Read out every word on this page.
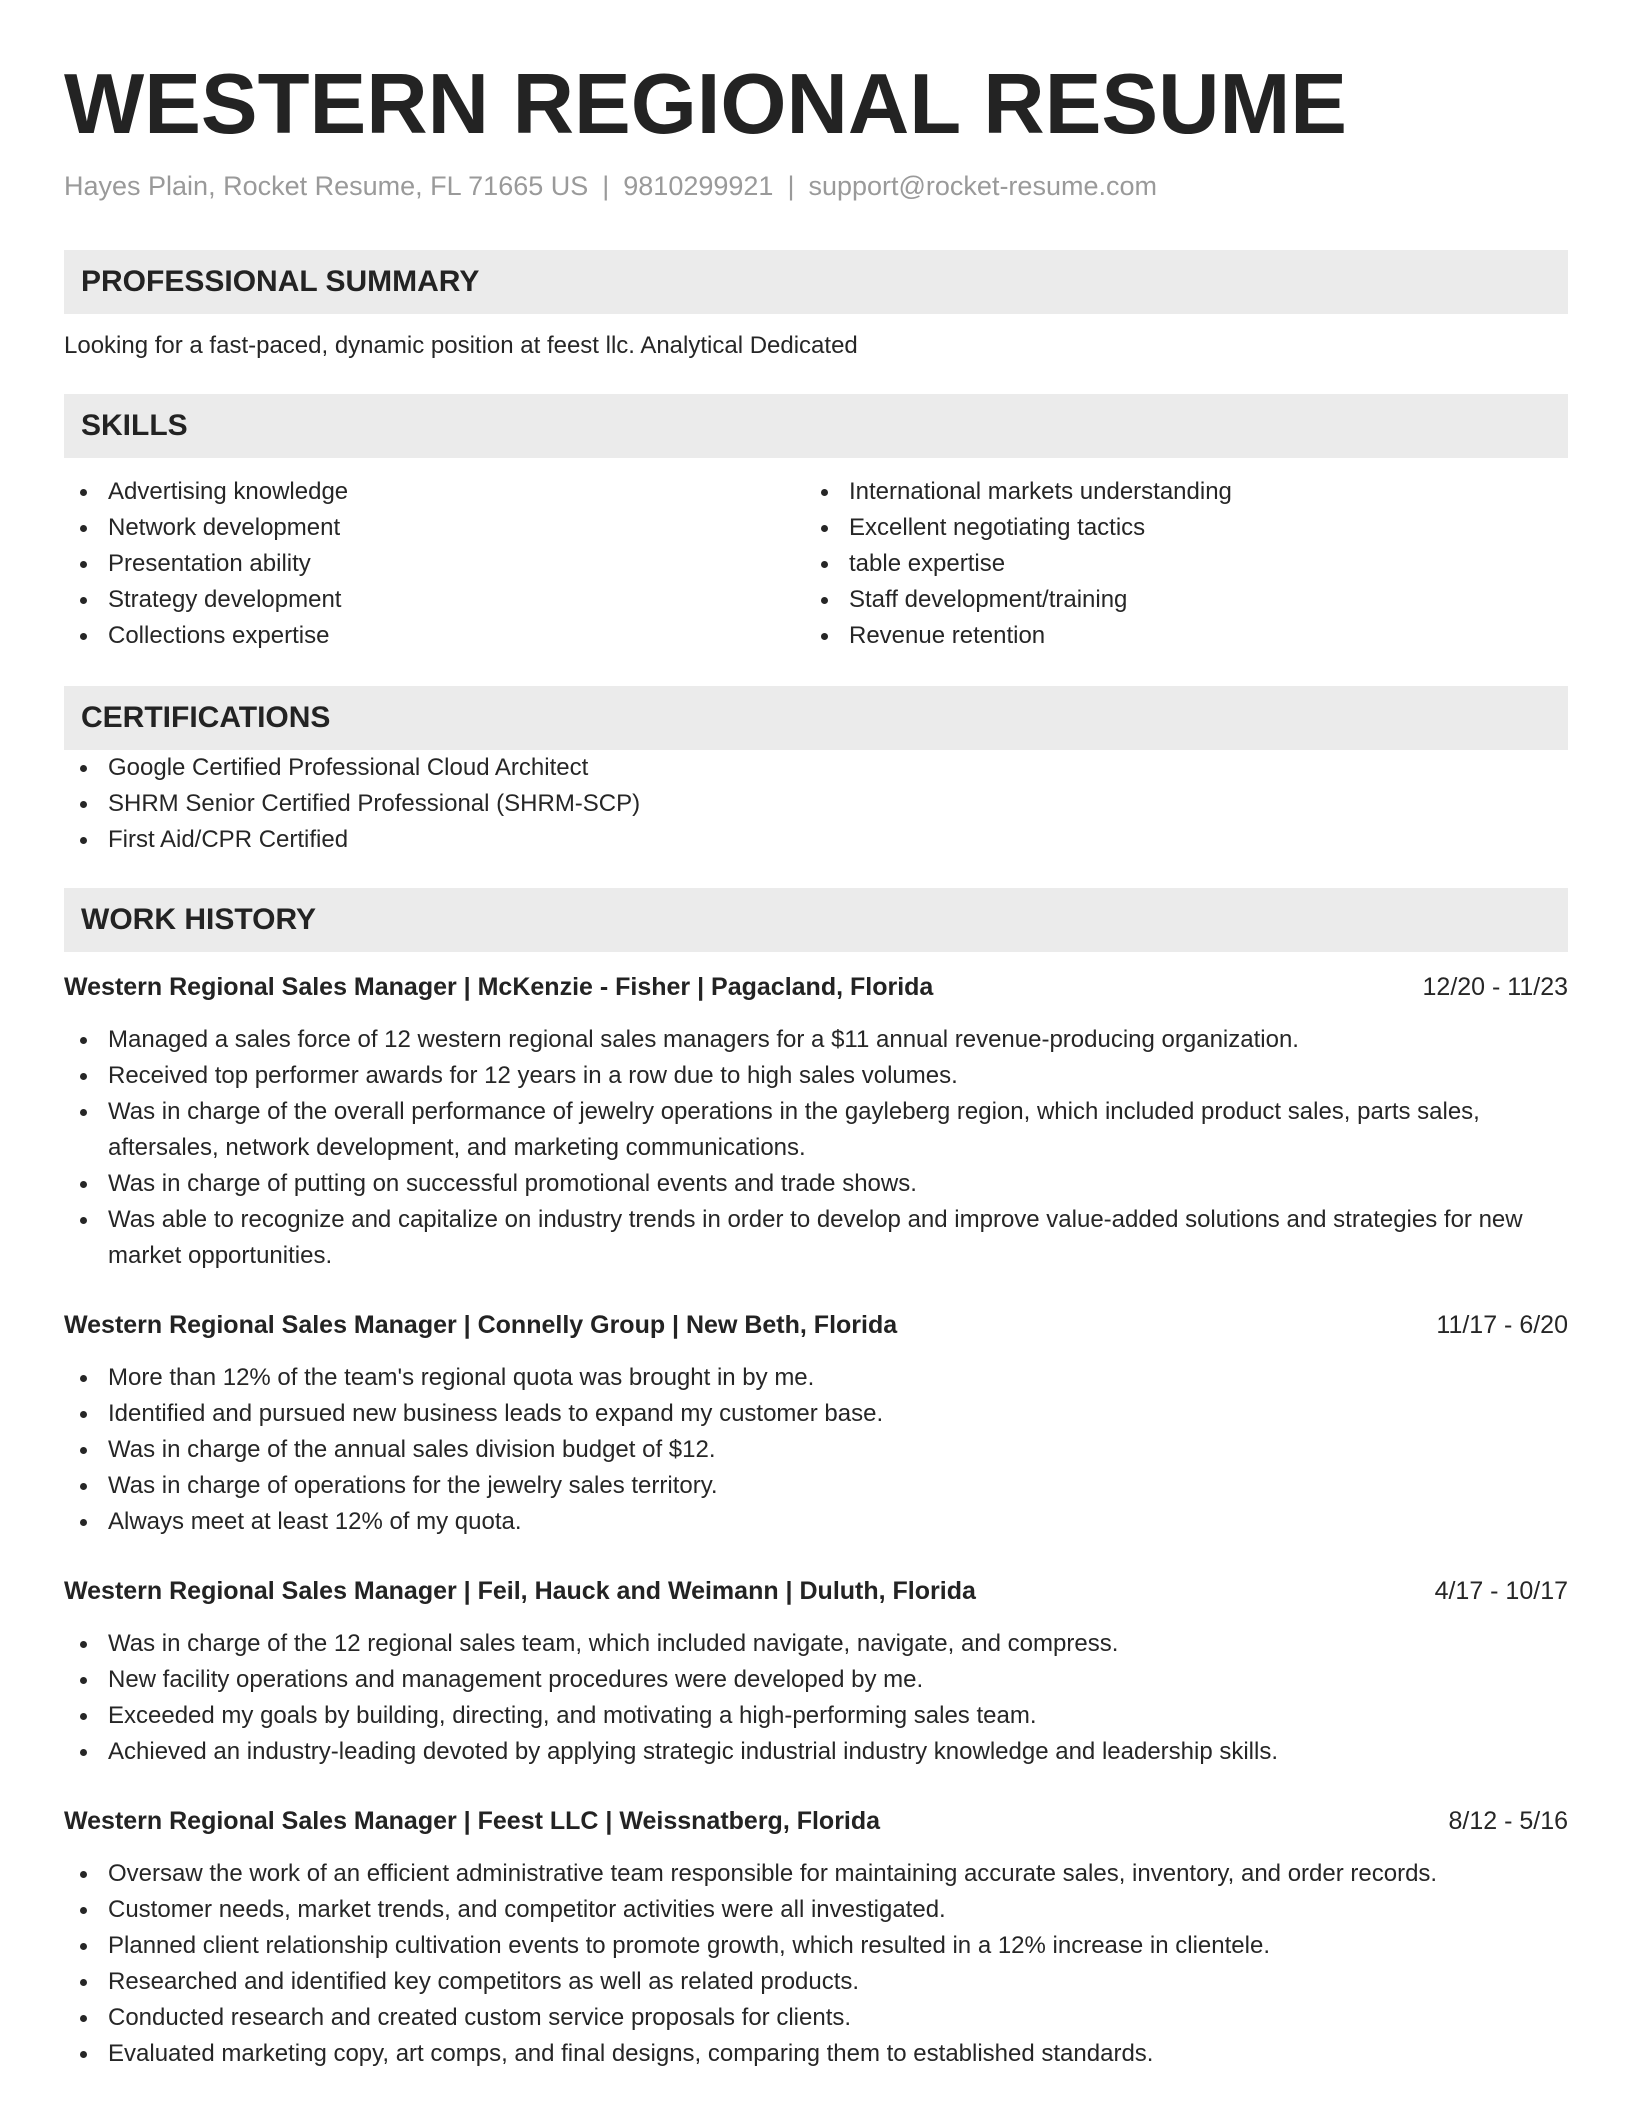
WESTERN REGIONAL RESUME
Hayes Plain, Rocket Resume, FL 71665 US | 9810299921 | support@rocket-resume.com
PROFESSIONAL SUMMARY
Looking for a fast-paced, dynamic position at feest llc. Analytical Dedicated
SKILLS
Advertising knowledge
Network development
Presentation ability
Strategy development
Collections expertise
International markets understanding
Excellent negotiating tactics
table expertise
Staff development/training
Revenue retention
CERTIFICATIONS
Google Certified Professional Cloud Architect
SHRM Senior Certified Professional (SHRM-SCP)
First Aid/CPR Certified
WORK HISTORY
Western Regional Sales Manager | McKenzie - Fisher | Pagacland, Florida	12/20 - 11/23
Managed a sales force of 12 western regional sales managers for a $11 annual revenue-producing organization.
Received top performer awards for 12 years in a row due to high sales volumes.
Was in charge of the overall performance of jewelry operations in the gayleberg region, which included product sales, parts sales, aftersales, network development, and marketing communications.
Was in charge of putting on successful promotional events and trade shows.
Was able to recognize and capitalize on industry trends in order to develop and improve value-added solutions and strategies for new market opportunities.
Western Regional Sales Manager | Connelly Group | New Beth, Florida	11/17 - 6/20
More than 12% of the team's regional quota was brought in by me.
Identified and pursued new business leads to expand my customer base.
Was in charge of the annual sales division budget of $12.
Was in charge of operations for the jewelry sales territory.
Always meet at least 12% of my quota.
Western Regional Sales Manager | Feil, Hauck and Weimann | Duluth, Florida	4/17 - 10/17
Was in charge of the 12 regional sales team, which included navigate, navigate, and compress.
New facility operations and management procedures were developed by me.
Exceeded my goals by building, directing, and motivating a high-performing sales team.
Achieved an industry-leading devoted by applying strategic industrial industry knowledge and leadership skills.
Western Regional Sales Manager | Feest LLC | Weissnatberg, Florida	8/12 - 5/16
Oversaw the work of an efficient administrative team responsible for maintaining accurate sales, inventory, and order records.
Customer needs, market trends, and competitor activities were all investigated.
Planned client relationship cultivation events to promote growth, which resulted in a 12% increase in clientele.
Researched and identified key competitors as well as related products.
Conducted research and created custom service proposals for clients.
Evaluated marketing copy, art comps, and final designs, comparing them to established standards.
